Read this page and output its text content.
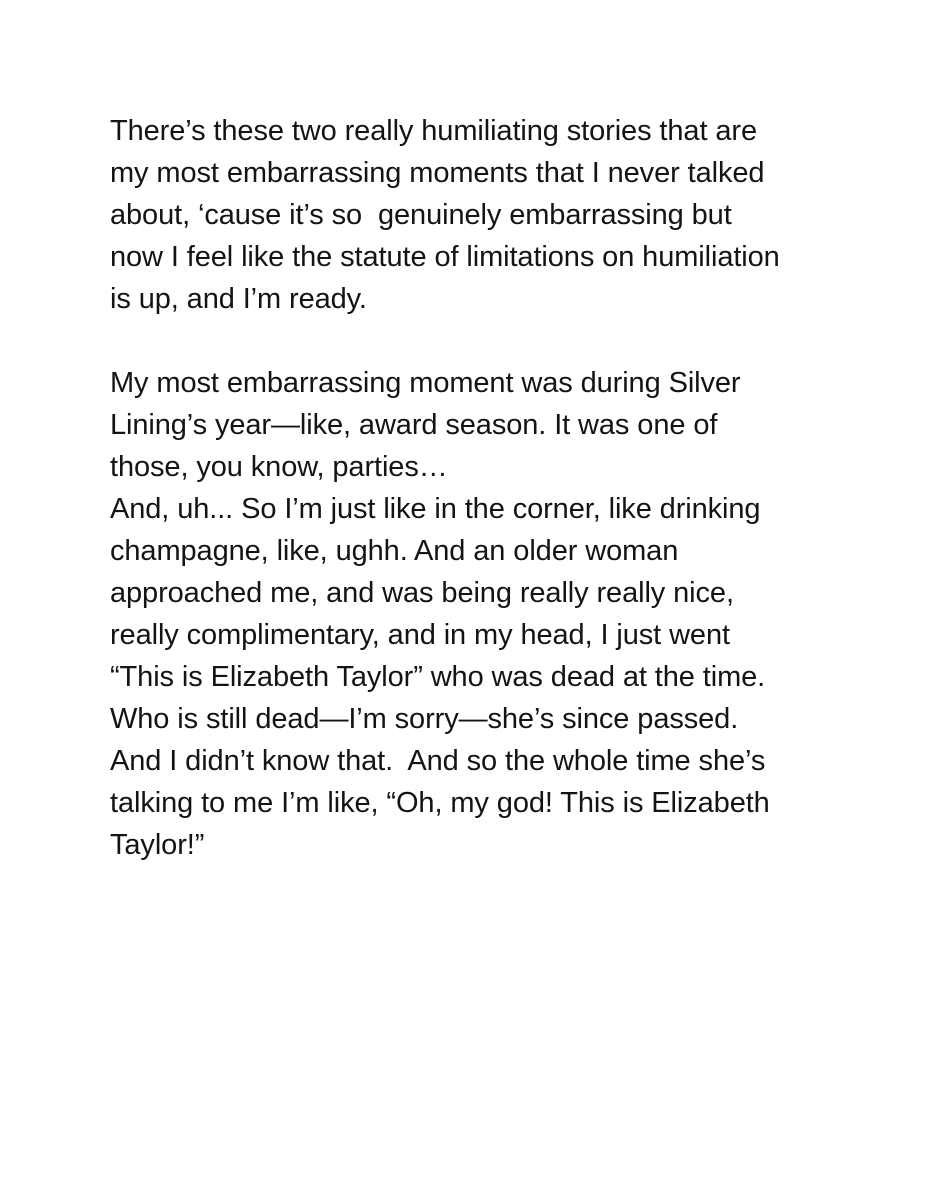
There’s these two really humiliating stories that are
my most embarrassing moments that I never talked
about, ‘cause it’s so  genuinely embarrassing but
now I feel like the statute of limitations on humiliation
is up, and I’m ready.
My most embarrassing moment was during Silver
Lining’s year—like, award season. It was one of
those, you know, parties…
And, uh... So I’m just like in the corner, like drinking
champagne, like, ughh. And an older woman
approached me, and was being really really nice,
really complimentary, and in my head, I just went
“This is Elizabeth Taylor” who was dead at the time.
Who is still dead—I’m sorry—she’s since passed.
And I didn’t know that.  And so the whole time she’s
talking to me I’m like, “Oh, my god! This is Elizabeth
Taylor!”
